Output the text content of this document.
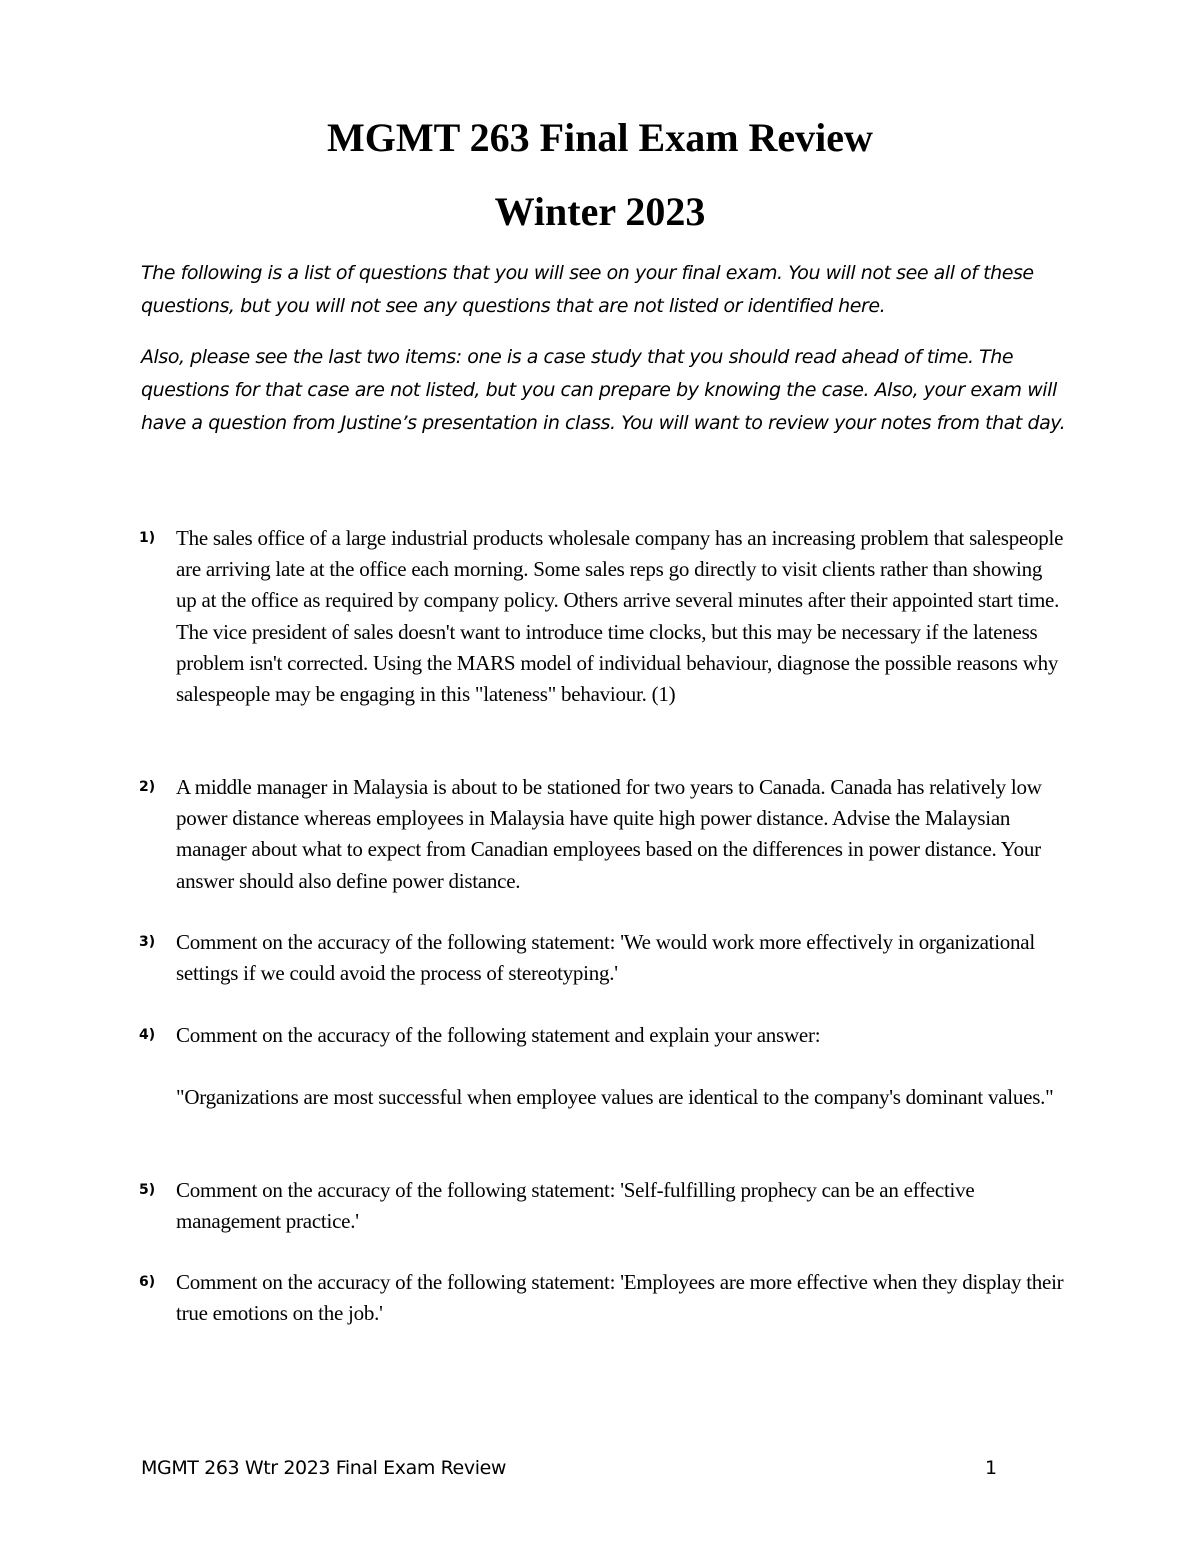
MGMT 263 Final Exam Review
Winter 2023

The following is a list of questions that you will see on your final exam. You will not see all of these questions, but you will not see any questions that are not listed or identified here.

Also, please see the last two items: one is a case study that you should read ahead of time. The questions for that case are not listed, but you can prepare by knowing the case. Also, your exam will have a question from Justine’s presentation in class. You will want to review your notes from that day.

1) The sales office of a large industrial products wholesale company has an increasing problem that salespeople are arriving late at the office each morning. Some sales reps go directly to visit clients rather than showing up at the office as required by company policy. Others arrive several minutes after their appointed start time. The vice president of sales doesn't want to introduce time clocks, but this may be necessary if the lateness problem isn't corrected. Using the MARS model of individual behaviour, diagnose the possible reasons why salespeople may be engaging in this "lateness" behaviour. (1)

2) A middle manager in Malaysia is about to be stationed for two years to Canada. Canada has relatively low power distance whereas employees in Malaysia have quite high power distance. Advise the Malaysian manager about what to expect from Canadian employees based on the differences in power distance. Your answer should also define power distance.

3) Comment on the accuracy of the following statement: 'We would work more effectively in organizational settings if we could avoid the process of stereotyping.'

4) Comment on the accuracy of the following statement and explain your answer:

"Organizations are most successful when employee values are identical to the company's dominant values."

5) Comment on the accuracy of the following statement: 'Self-fulfilling prophecy can be an effective management practice.'

6) Comment on the accuracy of the following statement: 'Employees are more effective when they display their true emotions on the job.'

MGMT 263 Wtr 2023 Final Exam Review	1
